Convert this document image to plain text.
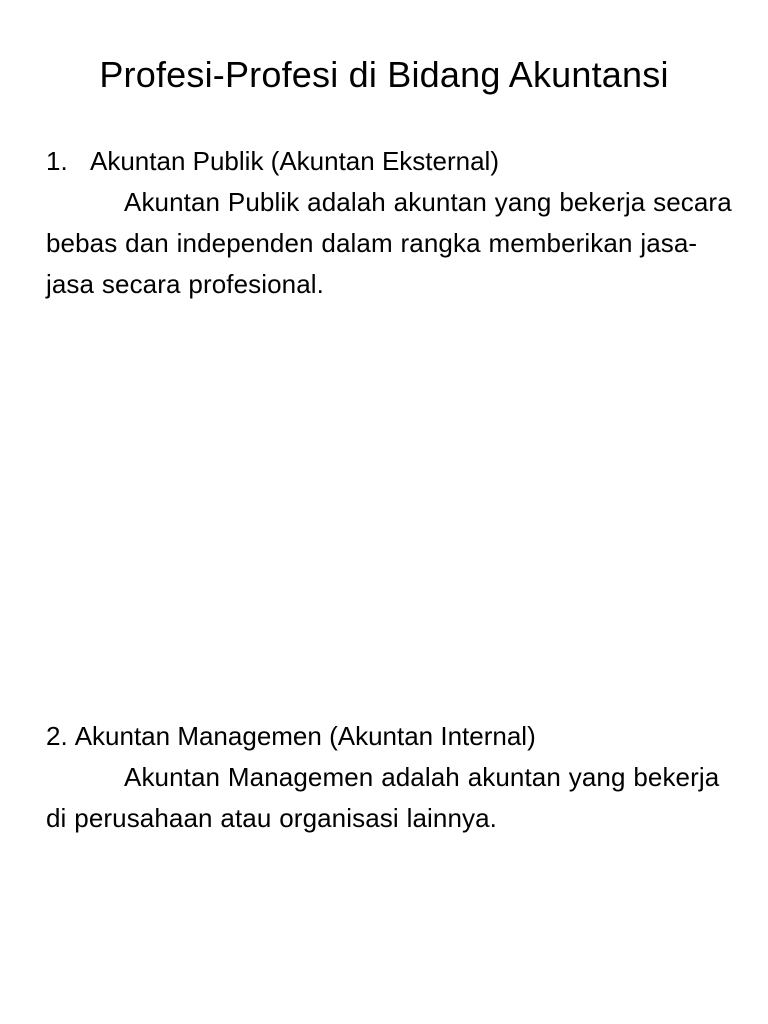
Profesi-Profesi di Bidang Akuntansi
1. Akuntan Publik (Akuntan Eksternal)

Akuntan Publik adalah akuntan yang bekerja secara bebas dan independen dalam rangka memberikan jasa-jasa secara profesional.

2. Akuntan Managemen (Akuntan Internal)

Akuntan Managemen adalah akuntan yang bekerja di perusahaan atau organisasi lainnya.
